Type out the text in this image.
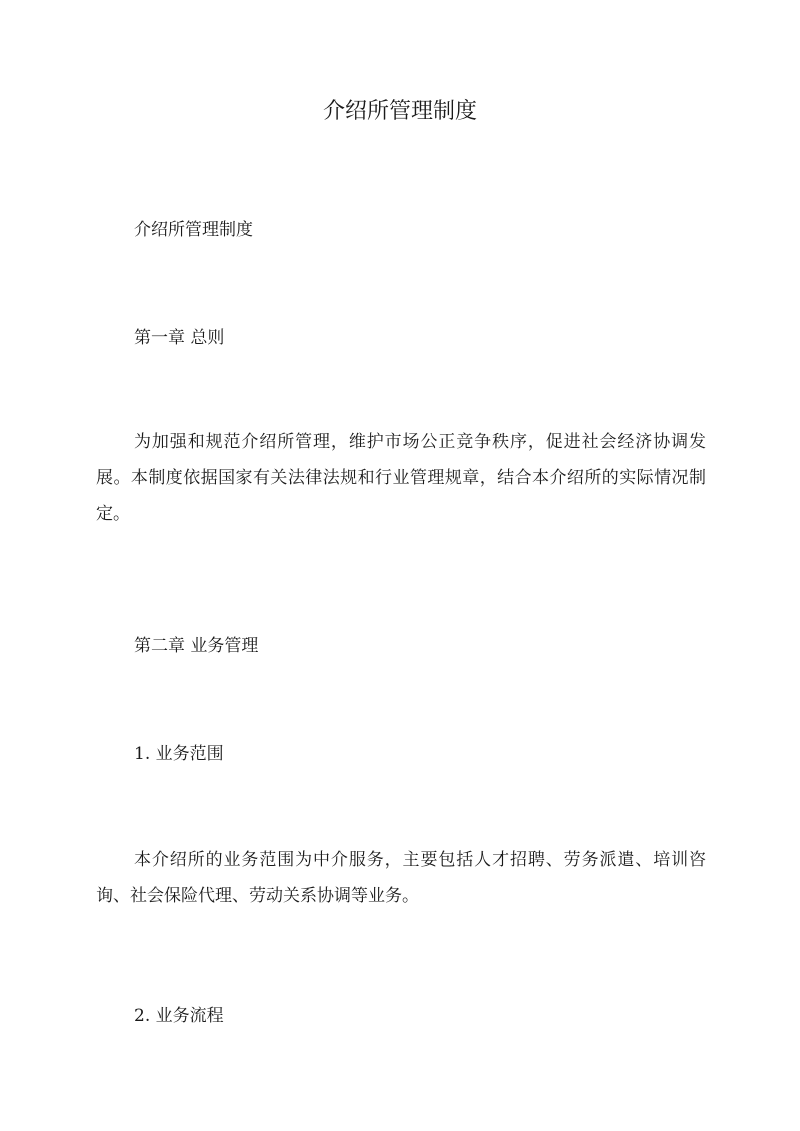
介绍所管理制度

介绍所管理制度

第一章 总则

为加强和规范介绍所管理，维护市场公正竞争秩序，促进社会经济协调发展。本制度依据国家有关法律法规和行业管理规章，结合本介绍所的实际情况制定。

第二章 业务管理

1. 业务范围

本介绍所的业务范围为中介服务，主要包括人才招聘、劳务派遣、培训咨询、社会保险代理、劳动关系协调等业务。

2. 业务流程
